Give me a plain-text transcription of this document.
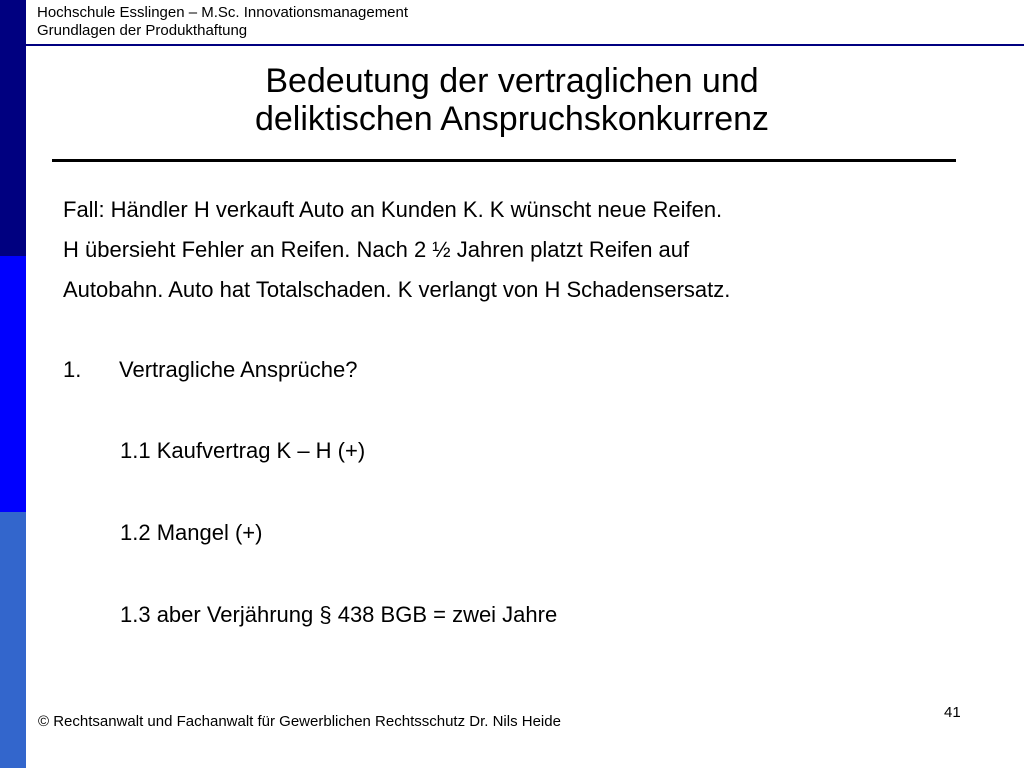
Hochschule Esslingen – M.Sc. Innovationsmanagement
Grundlagen der Produkthaftung
Bedeutung der vertraglichen und
deliktischen Anspruchskonkurrenz
Fall: Händler H verkauft Auto an Kunden K. K wünscht neue Reifen.
H übersieht Fehler an Reifen. Nach 2 ½ Jahren platzt Reifen auf
Autobahn. Auto hat Totalschaden. K verlangt von H Schadensersatz.
1. Vertragliche Ansprüche?
1.1 Kaufvertrag K – H (+)
1.2 Mangel (+)
1.3 aber Verjährung § 438 BGB = zwei Jahre
© Rechtsanwalt und Fachanwalt für Gewerblichen Rechtsschutz Dr. Nils Heide
41
